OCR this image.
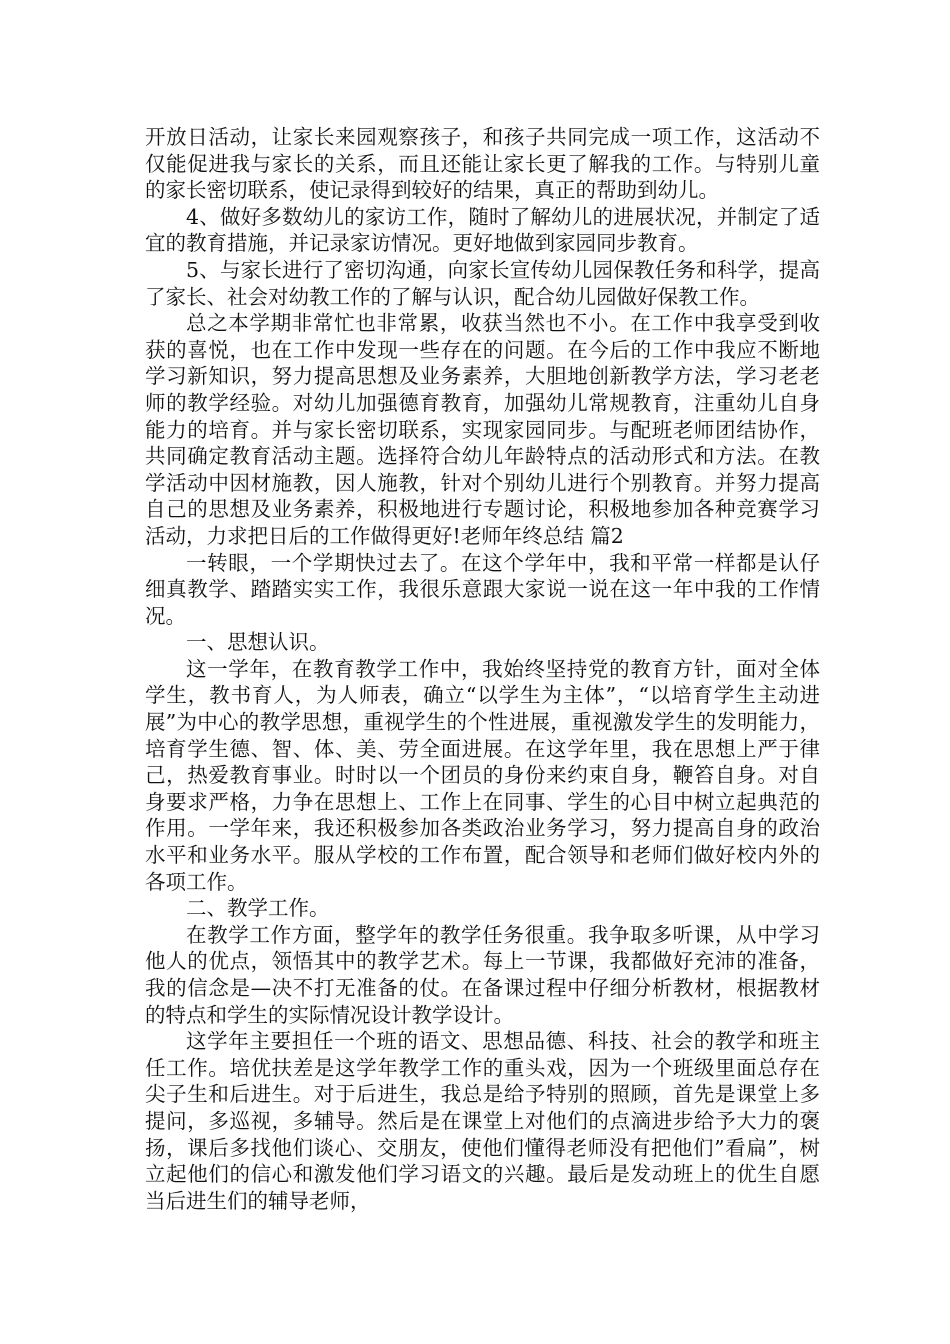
开放日活动，让家长来园观察孩子，和孩子共同完成一项工作，这活动不仅能促进我与家长的关系，而且还能让家长更了解我的工作。与特别儿童的家长密切联系，使记录得到较好的结果，真正的帮助到幼儿。

4、做好多数幼儿的家访工作，随时了解幼儿的进展状况，并制定了适宜的教育措施，并记录家访情况。更好地做到家园同步教育。

5、与家长进行了密切沟通，向家长宣传幼儿园保教任务和科学，提高了家长、社会对幼教工作的了解与认识，配合幼儿园做好保教工作。

总之本学期非常忙也非常累，收获当然也不小。在工作中我享受到收获的喜悦，也在工作中发现一些存在的问题。在今后的工作中我应不断地学习新知识，努力提高思想及业务素养，大胆地创新教学方法，学习老老师的教学经验。对幼儿加强德育教育，加强幼儿常规教育，注重幼儿自身能力的培育。并与家长密切联系，实现家园同步。与配班老师团结协作，共同确定教育活动主题。选择符合幼儿年龄特点的活动形式和方法。在教学活动中因材施教，因人施教，针对个别幼儿进行个别教育。并努力提高自己的思想及业务素养，积极地进行专题讨论，积极地参加各种竞赛学习活动，力求把日后的工作做得更好!老师年终总结 篇2

一转眼，一个学期快过去了。在这个学年中，我和平常一样都是认仔细真教学、踏踏实实工作，我很乐意跟大家说一说在这一年中我的工作情况。

一、思想认识。

这一学年，在教育教学工作中，我始终坚持党的教育方针，面对全体学生，教书育人，为人师表，确立“以学生为主体”，“以培育学生主动进展”为中心的教学思想，重视学生的个性进展，重视激发学生的发明能力，培育学生德、智、体、美、劳全面进展。在这学年里，我在思想上严于律己，热爱教育事业。时时以一个团员的身份来约束自身，鞭笞自身。对自身要求严格，力争在思想上、工作上在同事、学生的心目中树立起典范的作用。一学年来，我还积极参加各类政治业务学习，努力提高自身的政治水平和业务水平。服从学校的工作布置，配合领导和老师们做好校内外的各项工作。

二、教学工作。

在教学工作方面，整学年的教学任务很重。我争取多听课，从中学习他人的优点，领悟其中的教学艺术。每上一节课，我都做好充沛的准备，我的信念是—决不打无准备的仗。在备课过程中仔细分析教材，根据教材的特点和学生的实际情况设计教学设计。

这学年主要担任一个班的语文、思想品德、科技、社会的教学和班主任工作。培优扶差是这学年教学工作的重头戏，因为一个班级里面总存在尖子生和后进生。对于后进生，我总是给予特别的照顾，首先是课堂上多提问，多巡视，多辅导。然后是在课堂上对他们的点滴进步给予大力的褒扬，课后多找他们谈心、交朋友，使他们懂得老师没有把他们”看扁”，树立起他们的信心和激发他们学习语文的兴趣。最后是发动班上的优生自愿当后进生们的辅导老师，
